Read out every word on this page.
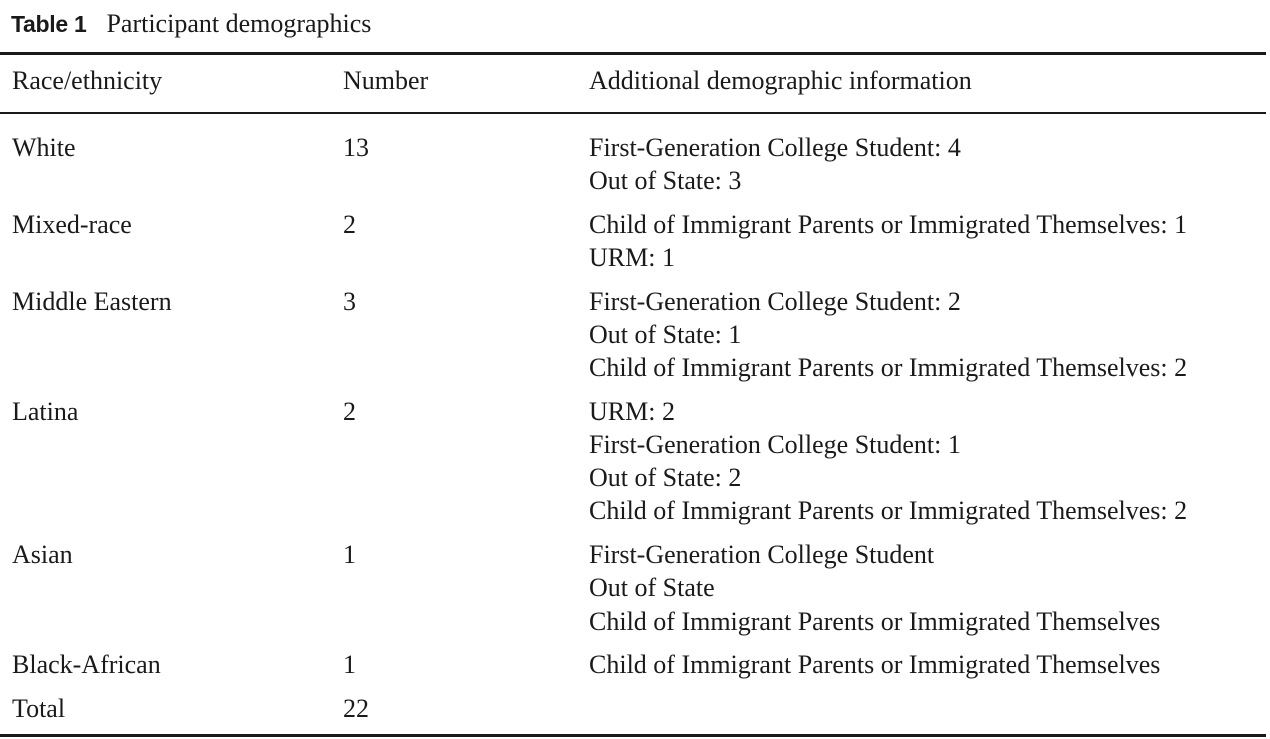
Table 1 Participant demographics
Race/ethnicity	Number	Additional demographic information
White	13	First-Generation College Student: 4
Out of State: 3
Mixed-race	2	Child of Immigrant Parents or Immigrated Themselves: 1
URM: 1
Middle Eastern	3	First-Generation College Student: 2
Out of State: 1
Child of Immigrant Parents or Immigrated Themselves: 2
Latina	2	URM: 2
First-Generation College Student: 1
Out of State: 2
Child of Immigrant Parents or Immigrated Themselves: 2
Asian	1	First-Generation College Student
Out of State
Child of Immigrant Parents or Immigrated Themselves
Black-African	1	Child of Immigrant Parents or Immigrated Themselves
Total	22
